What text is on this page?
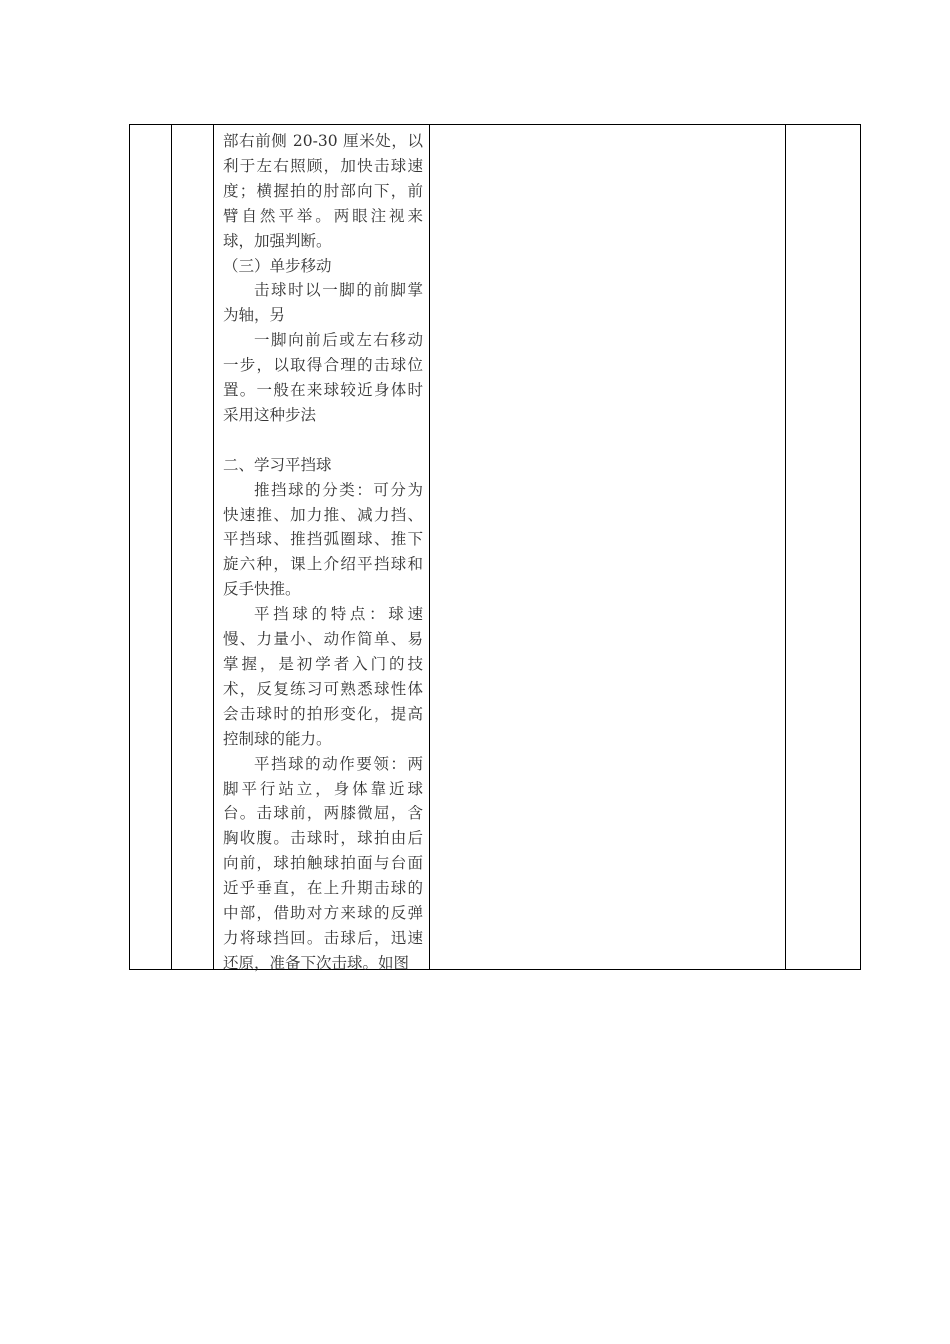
部右前侧 20-30 厘米处，以利于左右照顾，加快击球速度；横握拍的肘部向下，前臂自然平举。两眼注视来球，加强判断。

（三）单步移动

击球时以一脚的前脚掌为轴，另

一脚向前后或左右移动一步，以取得合理的击球位置。一般在来球较近身体时采用这种步法

二、学习平挡球

推挡球的分类：可分为快速推、加力推、减力挡、平挡球、推挡弧圈球、推下旋六种，课上介绍平挡球和反手快推。

平挡球的特点：球速慢、力量小、动作简单、易掌握，是初学者入门的技术，反复练习可熟悉球性体会击球时的拍形变化，提高控制球的能力。

平挡球的动作要领：两脚平行站立，身体靠近球台。击球前，两膝微屈，含胸收腹。击球时，球拍由后向前，球拍触球拍面与台面近乎垂直，在上升期击球的中部，借助对方来球的反弹力将球挡回。击球后，迅速还原，准备下次击球。如图
